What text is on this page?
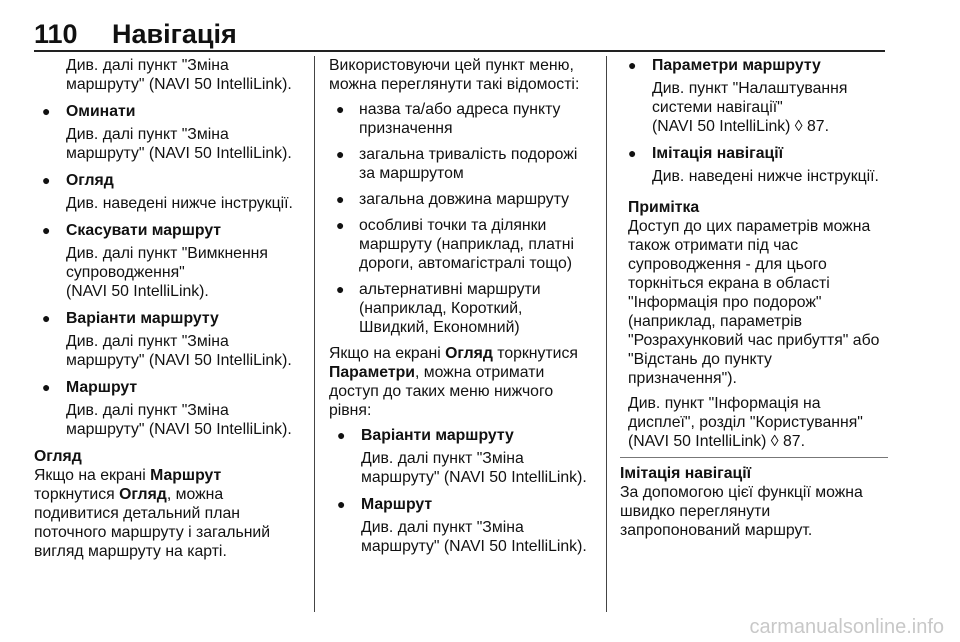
110 Навігація
Див. далі пункт "Зміна
маршруту" (NAVI 50 IntelliLink).
● Оминати
Див. далі пункт "Зміна
маршруту" (NAVI 50 IntelliLink).
● Огляд
Див. наведені нижче інструкції.
● Скасувати маршрут
Див. далі пункт "Вимкнення
супроводження"
(NAVI 50 IntelliLink).
● Варіанти маршруту
Див. далі пункт "Зміна
маршруту" (NAVI 50 IntelliLink).
● Маршрут
Див. далі пункт "Зміна
маршруту" (NAVI 50 IntelliLink).
Огляд
Якщо на екрані Маршрут
торкнутися Огляд, можна
подивитися детальний план
поточного маршруту і загальний
вигляд маршруту на карті.
Використовуючи цей пункт меню,
можна переглянути такі відомості:
● назва та/або адреса пункту
призначення
● загальна тривалість подорожі
за маршрутом
● загальна довжина маршруту
● особливі точки та ділянки
маршруту (наприклад, платні
дороги, автомагістралі тощо)
● альтернативні маршрути
(наприклад, Короткий,
Швидкий, Економний)
Якщо на екрані Огляд торкнутися
Параметри, можна отримати
доступ до таких меню нижчого
рівня:
● Варіанти маршруту
Див. далі пункт "Зміна
маршруту" (NAVI 50 IntelliLink).
● Маршрут
Див. далі пункт "Зміна
маршруту" (NAVI 50 IntelliLink).
● Параметри маршруту
Див. пункт "Налаштування
системи навігації"
(NAVI 50 IntelliLink) ◊ 87.
● Імітація навігації
Див. наведені нижче інструкції.
Примітка
Доступ до цих параметрів можна
також отримати під час
супроводження - для цього
торкніться екрана в області
"Інформація про подорож"
(наприклад, параметрів
"Розрахунковий час прибуття" або
"Відстань до пункту
призначення").
Див. пункт "Інформація на
дисплеї", розділ "Користування"
(NAVI 50 IntelliLink) ◊ 87.
Імітація навігації
За допомогою цієї функції можна
швидко переглянути
запропонований маршрут.
carmanualsonline.info
